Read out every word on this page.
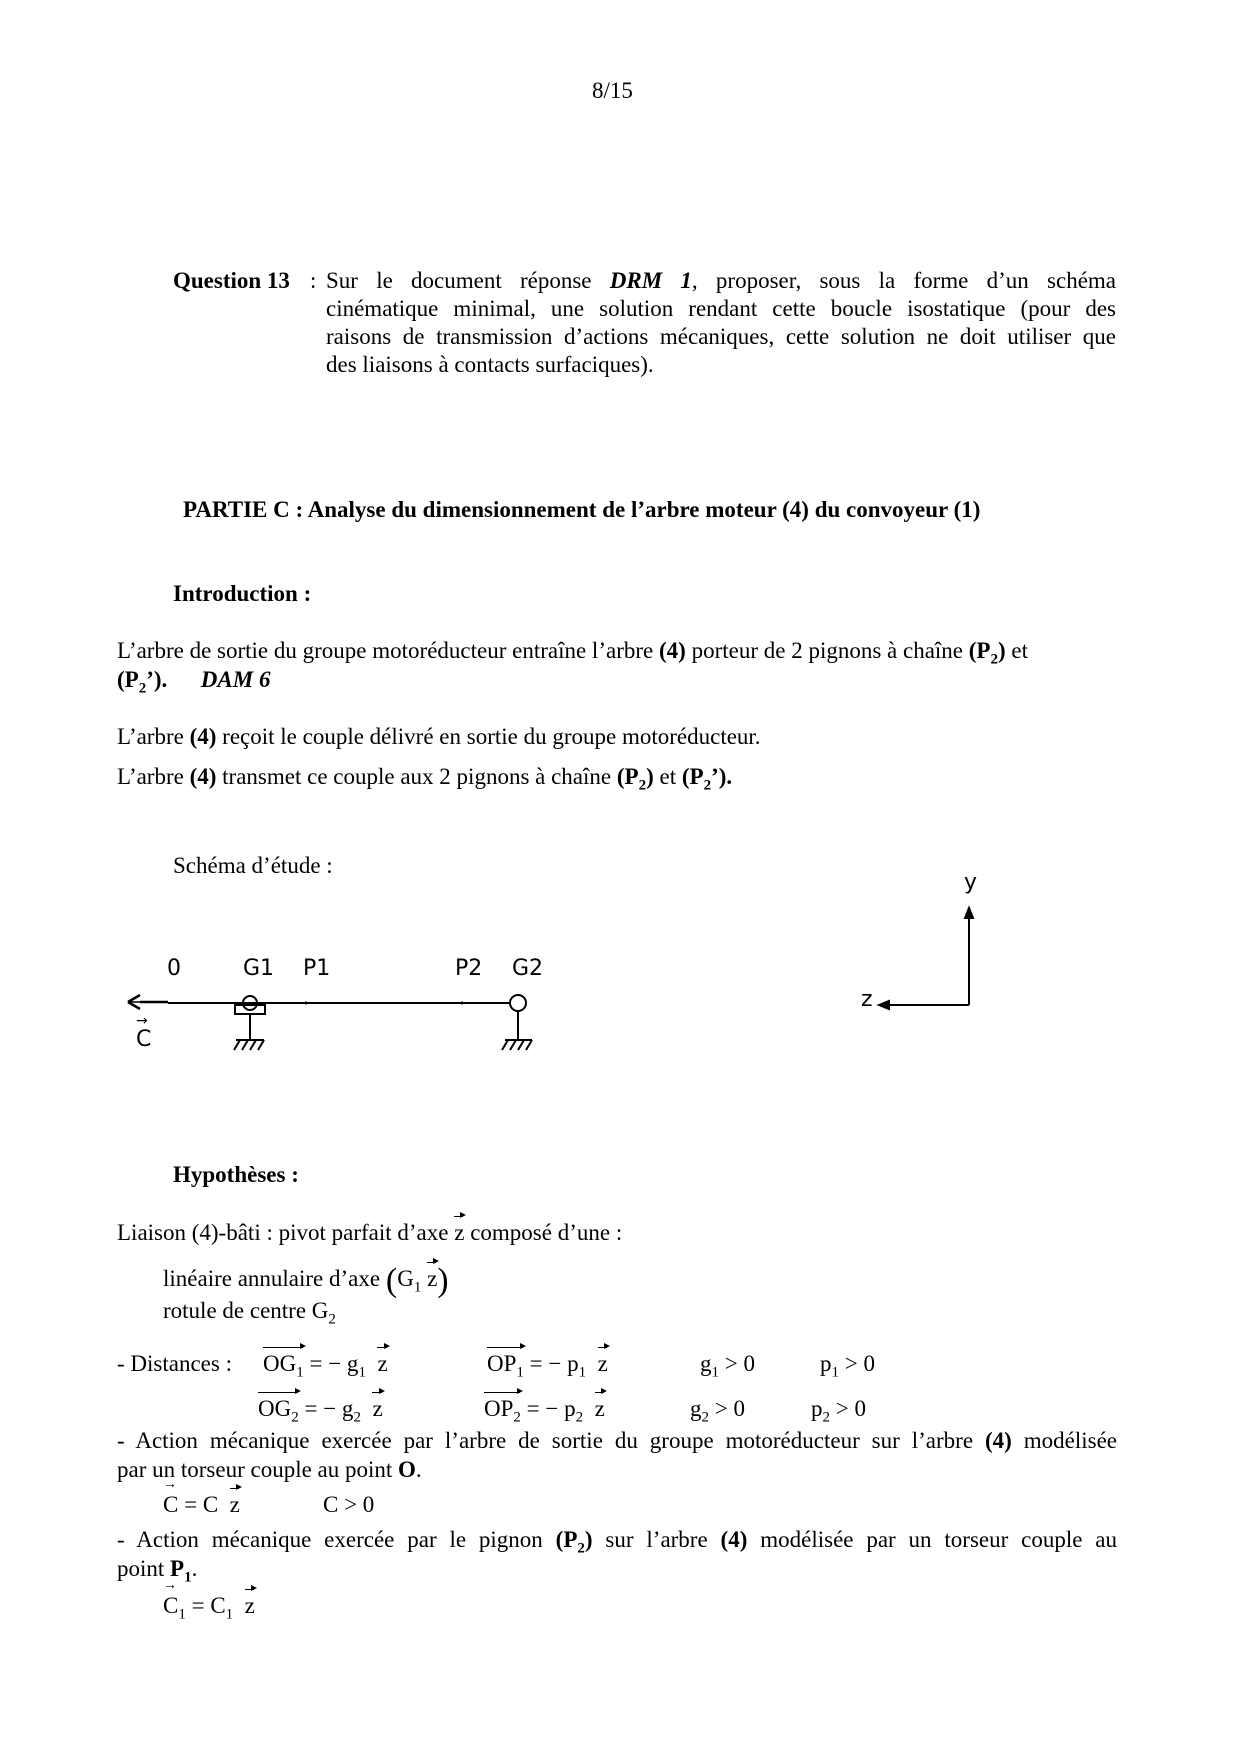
8/15
Question 13 : Sur le document réponse DRM 1, proposer, sous la forme d’un schéma
cinématique minimal, une solution rendant cette boucle isostatique (pour des
raisons de transmission d’actions mécaniques, cette solution ne doit utiliser que
des liaisons à contacts surfaciques).
PARTIE C : Analyse du dimensionnement de l’arbre moteur (4) du convoyeur (1)
Introduction :
L’arbre de sortie du groupe motoréducteur entraîne l’arbre (4) porteur de 2 pignons à chaîne $(P_2)$ et
$(P_2’)$. DAM 6
L’arbre (4) reçoit le couple délivré en sortie du groupe motoréducteur.
L’arbre (4) transmet ce couple aux 2 pignons à chaîne $(P_2)$ et $(P_2’)$.
Schéma d’étude :
0	G1 P1	P2 G2
→ C
y
z
Hypothèses :
Liaison (4)-bâti : pivot parfait d’axe z composé d’une :
linéaire annulaire d’axe ($G_1$ z)
rotule de centre $G_2$
- Distances : $OG_1$ = − $g_1$ z	$OP_1$ = − $p_1$ z	$g_1 > 0$	$p_1 > 0$
$OG_2$ = − $g_2$ z	$OP_2$ = − $p_2$ z	$g_2 > 0$	$p_2 > 0$
- Action mécanique exercée par l’arbre de sortie du groupe motoréducteur sur l’arbre (4) modélisée
par un torseur couple au point O.
→ C = C z	C > 0
- Action mécanique exercée par le pignon $(P_2)$ sur l’arbre (4) modélisée par un torseur couple au
point $P_1$.
→ $C_1 = C_1$ z
